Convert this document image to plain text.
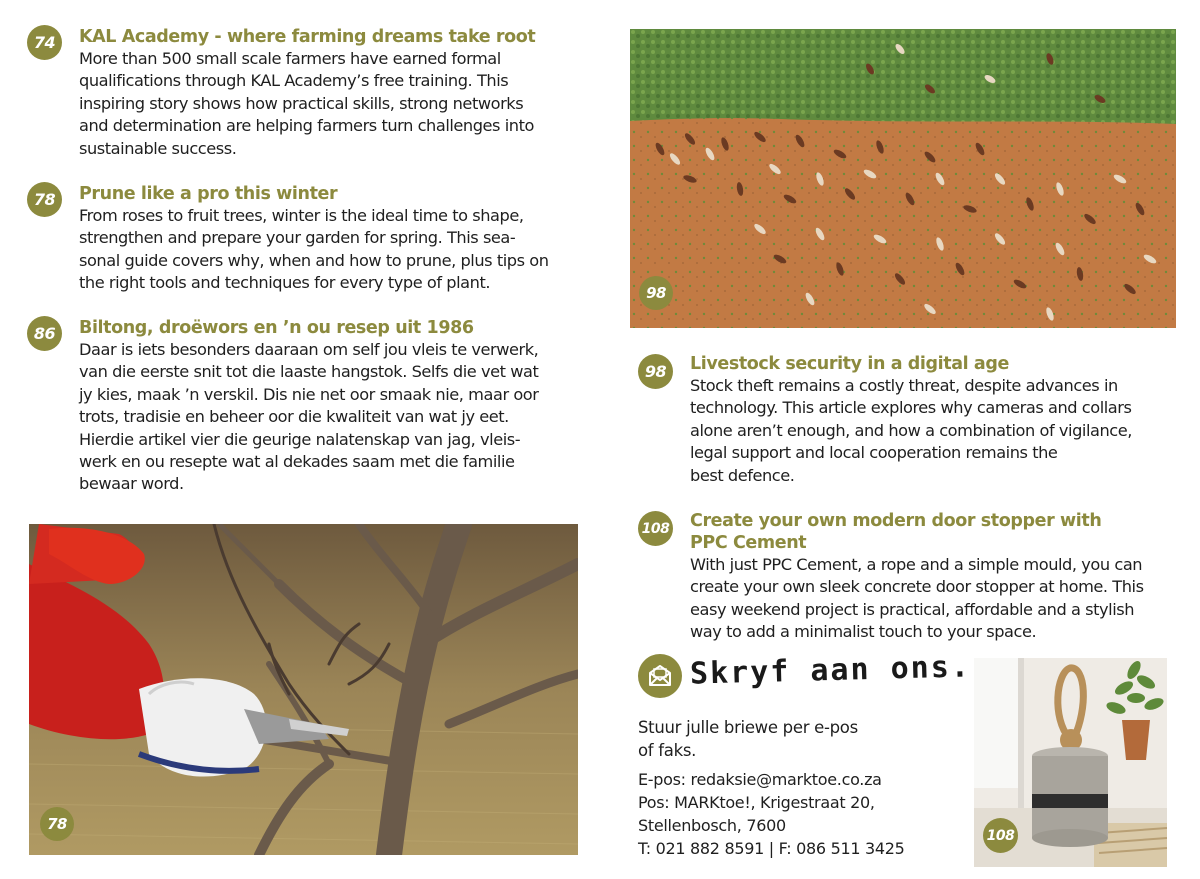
74	KAL Academy - where farming dreams take root
More than 500 small scale farmers have earned formal
qualifications through KAL Academy’s free training. This
inspiring story shows how practical skills, strong networks
and determination are helping farmers turn challenges into
sustainable success.
78	Prune like a pro this winter
From roses to fruit trees, winter is the ideal time to shape,
strengthen and prepare your garden for spring. This sea-
sonal guide covers why, when and how to prune, plus tips on
the right tools and techniques for every type of plant.
86	Biltong, droëwors en ’n ou resep uit 1986
Daar is iets besonders daaraan om self jou vleis te verwerk,
van die eerste snit tot die laaste hangstok. Selfs die vet wat
jy kies, maak ’n verskil. Dis nie net oor smaak nie, maar oor
trots, tradisie en beheer oor die kwaliteit van wat jy eet.
Hierdie artikel vier die geurige nalatenskap van jag, vleis-
werk en ou resepte wat al dekades saam met die familie
bewaar word.
78
98
98	Livestock security in a digital age
Stock theft remains a costly threat, despite advances in
technology. This article explores why cameras and collars
alone aren’t enough, and how a combination of vigilance,
legal support and local cooperation remains the
best defence.
108 Create your own modern door stopper with
PPC Cement
With just PPC Cement, a rope and a simple mould, you can
create your own sleek concrete door stopper at home. This
easy weekend project is practical, affordable and a stylish
way to add a minimalist touch to your space.
Skryf aan ons.
Stuur julle briewe per e-pos
of faks.
E-pos: redaksie@marktoe.co.za
Pos: MARKtoe!, Krigestraat 20,
Stellenbosch, 7600
T: 021 882 8591 | F: 086 511 3425
108
